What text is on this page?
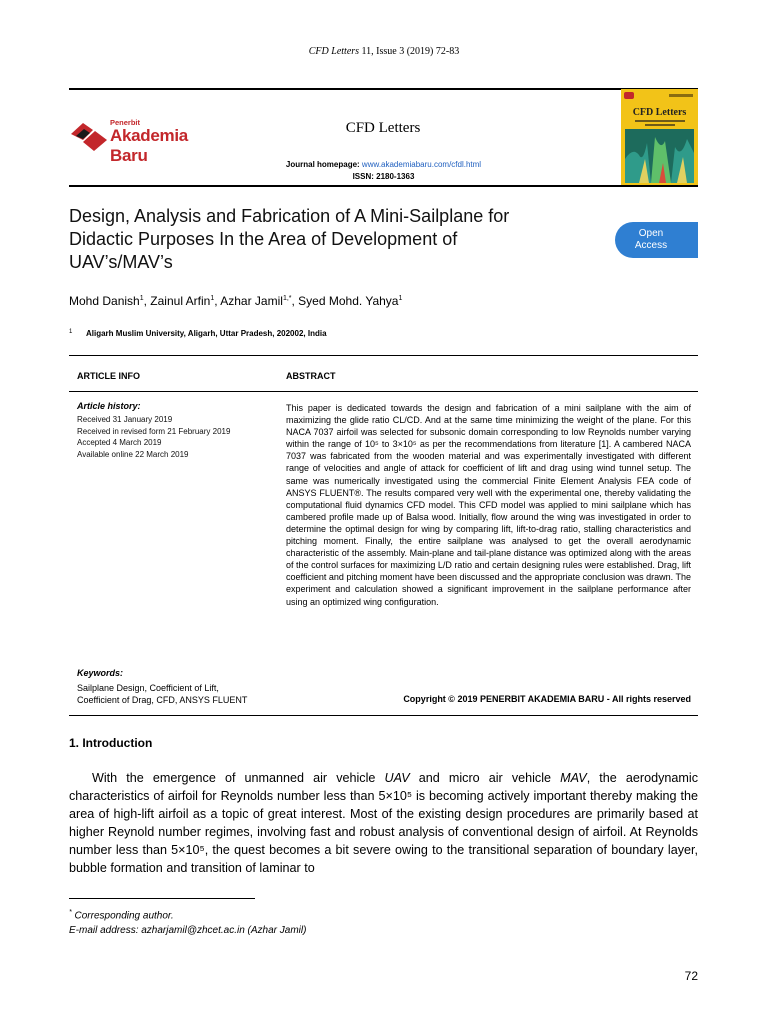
CFD Letters 11, Issue 3 (2019) 72-83
Penerbit
Akademia Baru
CFD Letters
Journal homepage: www.akademiabaru.com/cfdl.html
ISSN: 2180-1363
CFD Letters
Design, Analysis and Fabrication of A Mini-Sailplane for
Didactic Purposes In the Area of Development of
UAV’s/MAV’s
Open
Access
Mohd Danish$^1$, Zainul Arfin$^1$, Azhar Jamil$^{1,*}$, Syed Mohd. Yahya$^1$
1 Aligarh Muslim University, Aligarh, Uttar Pradesh, 202002, India
ARTICLE INFO	ABSTRACT
Article history:
Received 31 January 2019
Received in revised form 21 February 2019
Accepted 4 March 2019
Available online 22 March 2019
This paper is dedicated towards the design and fabrication of a mini sailplane with the aim of maximizing the glide ratio CL/CD. And at the same time minimizing the weight of the plane. For this NACA 7037 airfoil was selected for subsonic domain corresponding to low Reynolds number varying within the range of 10⁵ to 3×10⁵ as per the recommendations from literature [1]. A cambered NACA 7037 was fabricated from the wooden material and was experimentally investigated with different range of velocities and angle of attack for coefficient of lift and drag using wind tunnel setup. The same was numerically investigated using the commercial Finite Element Analysis FEA code of ANSYS FLUENT®. The results compared very well with the experimental one, thereby validating the computational fluid dynamics CFD model. This CFD model was applied to mini sailplane which has cambered profile made up of Balsa wood. Initially, flow around the wing was investigated in order to determine the optimal design for wing by comparing lift, lift-to-drag ratio, stalling characteristics and pitching moment. Finally, the entire sailplane was analysed to get the overall aerodynamic characteristic of the assembly. Main-plane and tail-plane distance was optimized along with the areas of the control surfaces for maximizing L/D ratio and certain designing rules were established. Drag, lift coefficient and pitching moment have been discussed and the appropriate conclusion was drawn. The experiment and calculation showed a significant improvement in the sailplane performance after using an optimized wing configuration.
Keywords:
Sailplane Design, Coefficient of Lift,
Coefficient of Drag, CFD, ANSYS FLUENT	Copyright © 2019 PENERBIT AKADEMIA BARU - All rights reserved
1. Introduction
With the emergence of unmanned air vehicle UAV and micro air vehicle MAV, the aerodynamic characteristics of airfoil for Reynolds number less than 5×10⁵ is becoming actively important thereby making the area of high-lift airfoil as a topic of great interest. Most of the existing design procedures are primarily based at higher Reynold number regimes, involving fast and robust analysis of conventional design of airfoil. At Reynolds number less than 5×10⁵, the quest becomes a bit severe owing to the transitional separation of boundary layer, bubble formation and transition of laminar to
* Corresponding author.
E-mail address: azharjamil@zhcet.ac.in (Azhar Jamil)
72
